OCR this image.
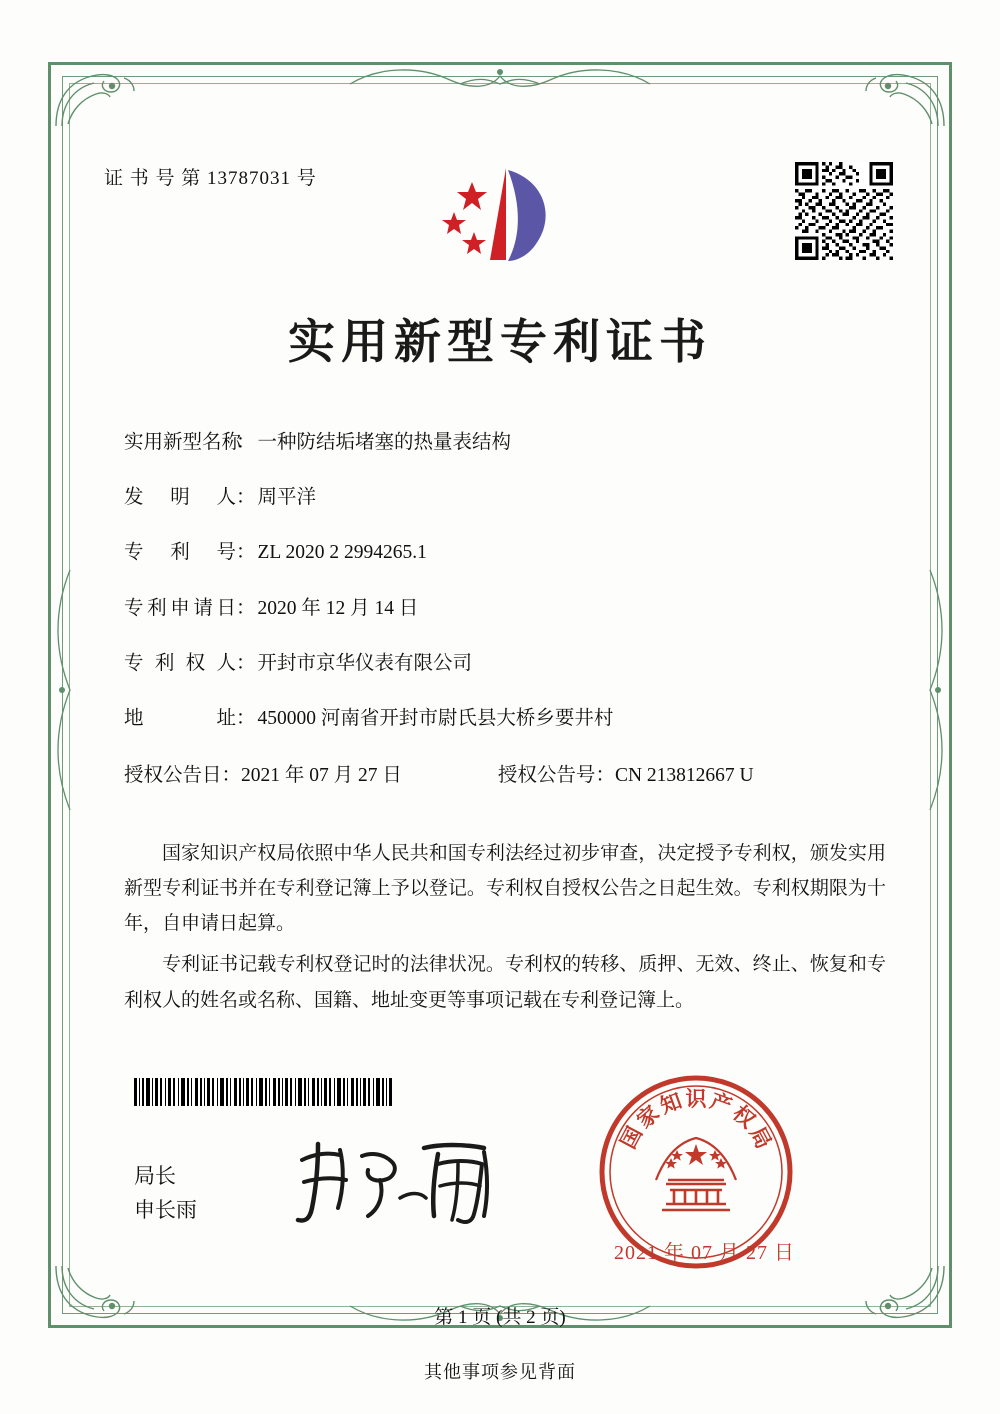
证 书 号 第 13787031 号
实用新型专利证书
实用新型名称： 一种防结垢堵塞的热量表结构
发 明 人： 周平洋
专 利 号： ZL 2020 2 2994265.1
专利申请日： 2020 年 12 月 14 日
专 利 权 人： 开封市京华仪表有限公司
地 址： 450000 河南省开封市尉氏县大桥乡要井村
授权公告日：2021 年 07 月 27 日	授权公告号：CN 213812667 U

国家知识产权局依照中华人民共和国专利法经过初步审查，决定授予专利权，颁发实用新型专利证书并在专利登记簿上予以登记。专利权自授权公告之日起生效。专利权期限为十年，自申请日起算。

专利证书记载专利权登记时的法律状况。专利权的转移、质押、无效、终止、恢复和专利权人的姓名或名称、国籍、地址变更等事项记载在专利登记簿上。

局长
申长雨
国
家
知 识 产
权
局
2021 年 07 月 27 日
第 1 页 (共 2 页)
其他事项参见背面
